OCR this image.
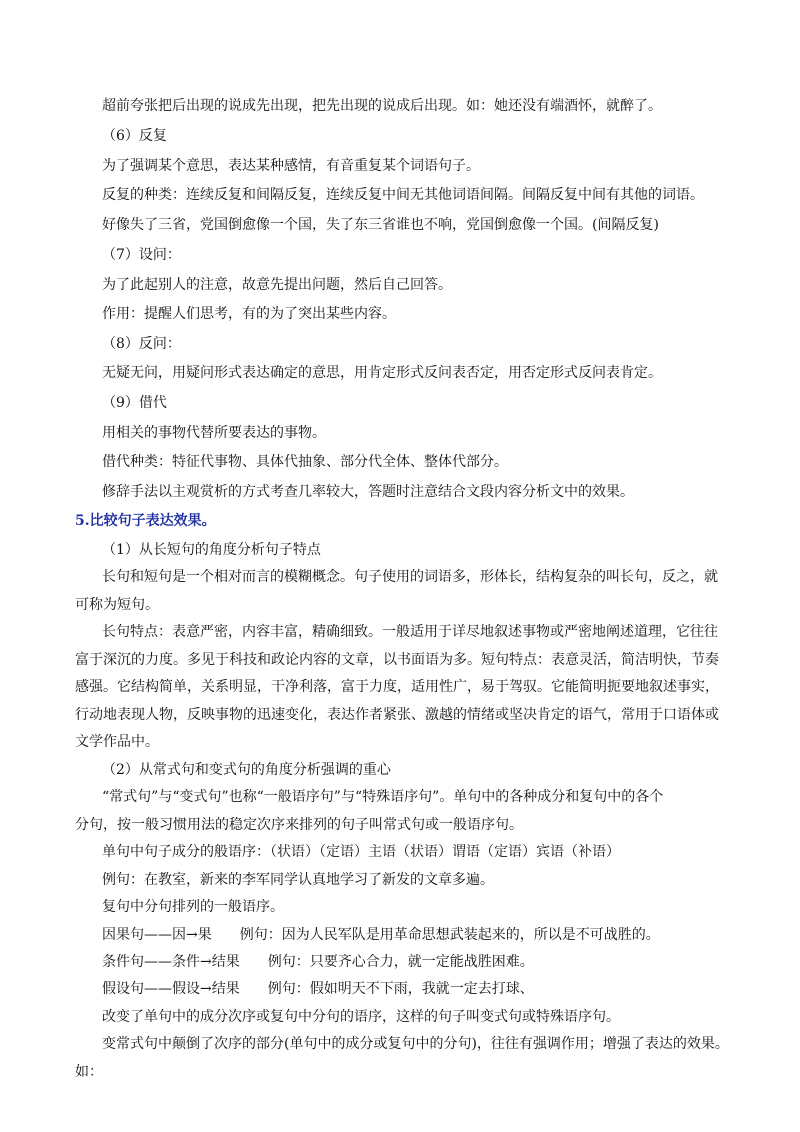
超前夸张把后出现的说成先出现，把先出现的说成后出现。如：她还没有端酒怀，就醉了。
（6）反复
为了强调某个意思，表达某种感情，有音重复某个词语句子。
反复的种类：连续反复和间隔反复，连续反复中间无其他词语间隔。间隔反复中间有其他的词语。
好像失了三省，党国倒愈像一个国，失了东三省谁也不响，党国倒愈像一个国。(间隔反复)
（7）设问：
为了此起别人的注意，故意先提出问题，然后自己回答。
作用：提醒人们思考，有的为了突出某些内容。
（8）反问：
无疑无问，用疑问形式表达确定的意思，用肯定形式反问表否定，用否定形式反问表肯定。
（9）借代
用相关的事物代替所要表达的事物。
借代种类：特征代事物、具体代抽象、部分代全体、整体代部分。
修辞手法以主观赏析的方式考查几率较大，答题时注意结合文段内容分析文中的效果。
5.比较句子表达效果。
（1）从长短句的角度分析句子特点
长句和短句是一个相对而言的模糊概念。句子使用的词语多，形体长，结构复杂的叫长句，反之，就
可称为短句。
长句特点：表意严密，内容丰富，精确细致。一般适用于详尽地叙述事物或严密地阐述道理，它往往
富于深沉的力度。多见于科技和政论内容的文章，以书面语为多。短句特点：表意灵活，简洁明快，节奏
感强。它结构简单，关系明显，干净利落，富于力度，适用性广，易于驾驭。它能简明扼要地叙述事实，
行动地表现人物，反映事物的迅速变化，表达作者紧张、激越的情绪或坚决肯定的语气，常用于口语体或
文学作品中。
（2）从常式句和变式句的角度分析强调的重心
“常式句”与“变式句”也称“一般语序句”与“特殊语序句”。单句中的各种成分和复句中的各个
分句，按一般习惯用法的稳定次序来排列的句子叫常式句或一般语序句。
单句中句子成分的般语序：（状语）（定语）主语（状语）谓语（定语）宾语（补语）
例句：在教室，新来的李军同学认真地学习了新发的文章多遍。
复句中分句排列的一般语序。
因果句——因→果　　例句：因为人民军队是用革命思想武装起来的，所以是不可战胜的。
条件句——条件→结果　　例句：只要齐心合力，就一定能战胜困难。
假设句——假设→结果　　例句：假如明天不下雨，我就一定去打球、
改变了单句中的成分次序或复句中分句的语序，这样的句子叫变式句或特殊语序句。
变常式句中颠倒了次序的部分(单句中的成分或复句中的分句)，往往有强调作用；增强了表达的效果。
如：
